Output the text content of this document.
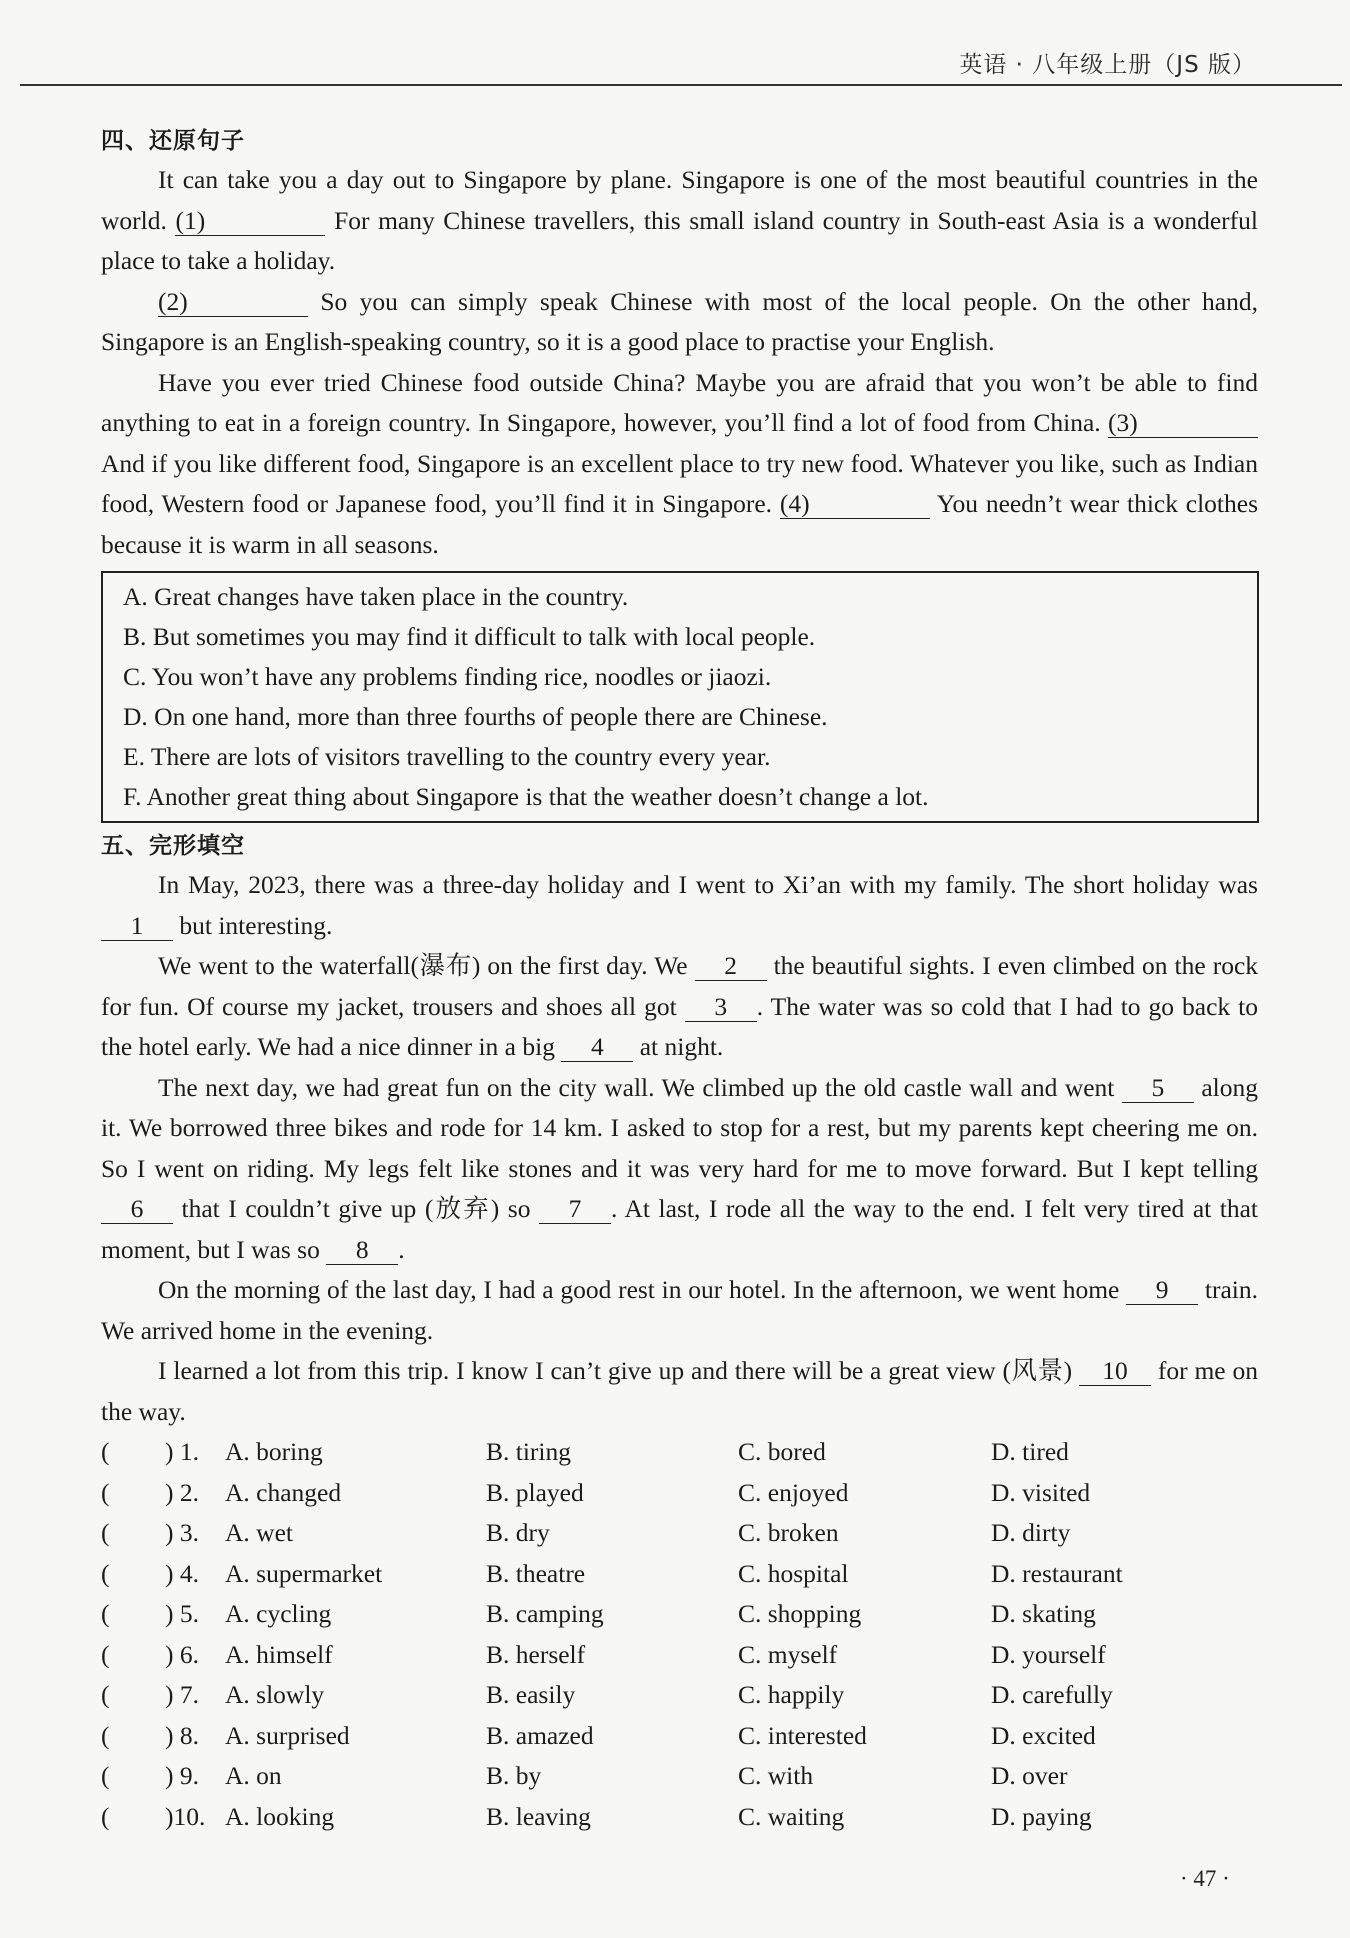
英语 · 八年级上册（JS 版）
四、还原句子

It can take you a day out to Singapore by plane. Singapore is one of the most beautiful countries in the world. (1)	For many Chinese travellers, this small island country in South-east Asia is a wonderful place to take a holiday.

(2)	So you can simply speak Chinese with most of the local people. On the other hand, Singapore is an English-speaking country, so it is a good place to practise your English.

Have you ever tried Chinese food outside China? Maybe you are afraid that you won’t be able to find anything to eat in a foreign country. In Singapore, however, you’ll find a lot of food from China. (3) And if you like different food, Singapore is an excellent place to try new food. Whatever you like, such as Indian food, Western food or Japanese food, you’ll find it in Singapore. (4)	You needn’t wear thick clothes because it is warm in all seasons.

A. Great changes have taken place in the country.
B. But sometimes you may find it difficult to talk with local people.
C. You won’t have any problems finding rice, noodles or jiaozi.
D. On one hand, more than three fourths of people there are Chinese.
E. There are lots of visitors travelling to the country every year.
F. Another great thing about Singapore is that the weather doesn’t change a lot.
五、完形填空

In May, 2023, there was a three-day holiday and I went to Xi’an with my family. The short holiday was 1 but interesting.

We went to the waterfall(瀑布) on the first day. We 2 the beautiful sights. I even climbed on the rock for fun. Of course my jacket, trousers and shoes all got 3 . The water was so cold that I had to go back to the hotel early. We had a nice dinner in a big 4 at night.

The next day, we had great fun on the city wall. We climbed up the old castle wall and went 5 along it. We borrowed three bikes and rode for 14 km. I asked to stop for a rest, but my parents kept cheering me on. So I went on riding. My legs felt like stones and it was very hard for me to move forward. But I kept telling 6 that I couldn’t give up (放弃) so 7 . At last, I rode all the way to the end. I felt very tired at that moment, but I was so 8 .

On the morning of the last day, I had a good rest in our hotel. In the afternoon, we went home 9 train. We arrived home in the evening.

I learned a lot from this trip. I know I can’t give up and there will be a great view (风景) 10 for me on the way.

( ) 1. A. boring	B. tiring	C. bored	D. tired
( ) 2. A. changed	B. played	C. enjoyed	D. visited
( ) 3. A. wet	B. dry	C. broken	D. dirty
( ) 4. A. supermarket	B. theatre	C. hospital	D. restaurant
( ) 5. A. cycling	B. camping	C. shopping	D. skating
( ) 6. A. himself	B. herself	C. myself	D. yourself
( ) 7. A. slowly	B. easily	C. happily	D. carefully
( ) 8. A. surprised	B. amazed	C. interested	D. excited
( ) 9. A. on	B. by	C. with	D. over
( )10. A. looking	B. leaving	C. waiting	D. paying
· 47 ·
